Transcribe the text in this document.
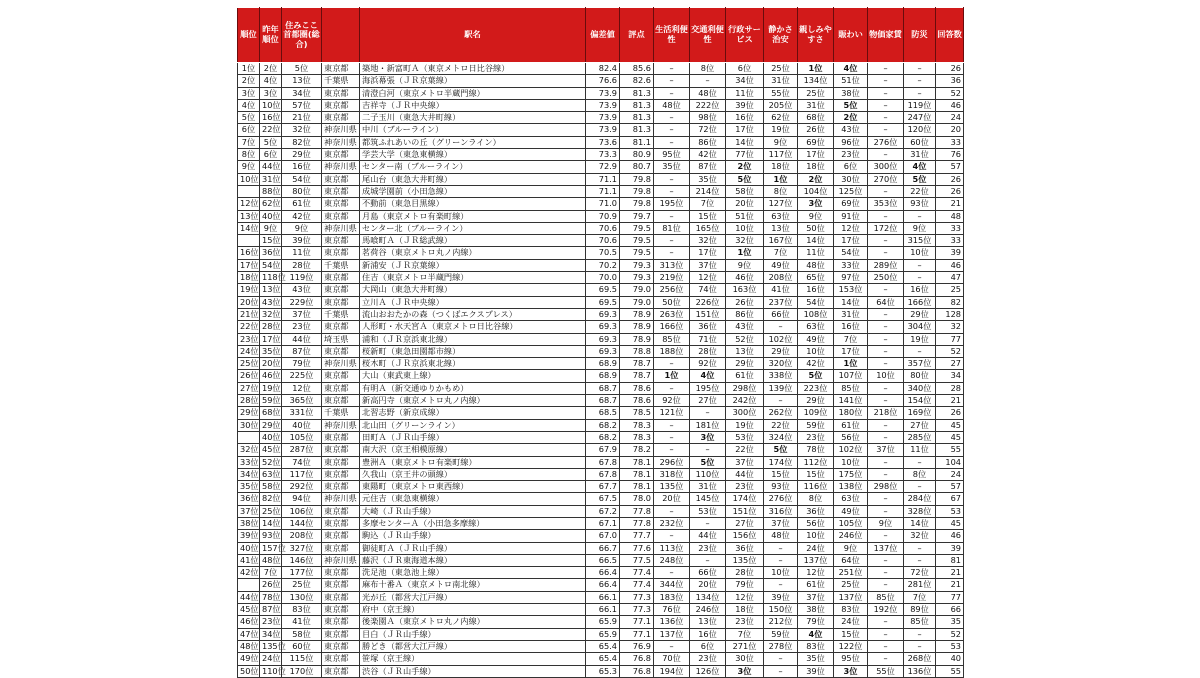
順位	昨年順位	住みここ首都圏(総合)		駅名	偏差値	評点	生活利便性	交通利便性	行政サービス	静かさ治安	親しみやすさ	賑わい	物価家賃	防災	回答数
1位	2位	5位	東京都	築地・新富町Ａ（東京メトロ日比谷線）	82.4	85.6	–	8位	6位	25位	1位	4位	–	–	26
2位	4位	13位	千葉県	海浜幕張（ＪＲ京葉線）	76.6	82.6	–	–	34位	31位	134位	51位	–	–	36
3位	3位	34位	東京都	清澄白河（東京メトロ半蔵門線）	73.9	81.3	–	48位	11位	55位	25位	38位	–	–	52
4位	10位	57位	東京都	吉祥寺（ＪＲ中央線）	73.9	81.3	48位	222位	39位	205位	31位	5位	–	119位	46
5位	16位	21位	東京都	二子玉川（東急大井町線）	73.9	81.3	–	98位	16位	62位	68位	2位	–	247位	24
6位	22位	32位	神奈川県	中川（ブルーライン）	73.9	81.3	–	72位	17位	19位	26位	43位	–	120位	20
7位	5位	82位	神奈川県	都筑ふれあいの丘（グリーンライン）	73.6	81.1	–	86位	14位	9位	69位	96位	276位	60位	33
8位	6位	29位	東京都	学芸大学（東急東横線）	73.3	80.9	95位	42位	77位	117位	17位	23位	–	31位	76
9位	44位	16位	神奈川県	センター南（ブルーライン）	72.9	80.7	35位	87位	2位	18位	18位	6位	300位	4位	57
10位	31位	54位	東京都	尾山台（東急大井町線）	71.1	79.8	–	35位	5位	1位	2位	30位	270位	5位	26
	88位	80位	東京都	成城学園前（小田急線）	71.1	79.8	–	214位	58位	8位	104位	125位	–	22位	26
12位	62位	61位	東京都	不動前（東急目黒線）	71.0	79.8	195位	7位	20位	127位	3位	69位	353位	93位	21
13位	40位	42位	東京都	月島（東京メトロ有楽町線）	70.9	79.7	–	15位	51位	63位	9位	91位	–	–	48
14位	9位	9位	神奈川県	センター北（ブルーライン）	70.6	79.5	81位	165位	10位	13位	50位	12位	172位	9位	33
	15位	39位	東京都	馬喰町Ａ（ＪＲ総武線）	70.6	79.5	–	32位	32位	167位	14位	17位	–	315位	33
16位	36位	11位	東京都	茗荷谷（東京メトロ丸ノ内線）	70.5	79.5	–	17位	1位	7位	11位	54位	–	10位	39
17位	54位	28位	千葉県	新浦安（ＪＲ京葉線）	70.2	79.3	313位	37位	9位	49位	48位	33位	289位	–	46
18位	118位	119位	東京都	住吉（東京メトロ半蔵門線）	70.0	79.3	219位	12位	46位	208位	65位	97位	250位	–	47
19位	13位	43位	東京都	大岡山（東急大井町線）	69.5	79.0	256位	74位	163位	41位	16位	153位	–	16位	25
20位	43位	229位	東京都	立川Ａ（ＪＲ中央線）	69.5	79.0	50位	226位	26位	237位	54位	14位	64位	166位	82
21位	32位	37位	千葉県	流山おおたかの森（つくばエクスプレス）	69.3	78.9	263位	151位	86位	66位	108位	31位	–	29位	128
22位	28位	23位	東京都	人形町・水天宮Ａ（東京メトロ日比谷線）	69.3	78.9	166位	36位	43位	–	63位	16位	–	304位	32
23位	17位	44位	埼玉県	浦和（ＪＲ京浜東北線）	69.3	78.9	85位	71位	52位	102位	49位	7位	–	19位	77
24位	35位	87位	東京都	桜新町（東急田園都市線）	69.3	78.8	188位	28位	13位	29位	10位	17位	–	–	52
25位	20位	79位	神奈川県	桜木町（ＪＲ京浜東北線）	68.9	78.7	–	92位	29位	320位	42位	1位	–	357位	27
26位	46位	225位	東京都	大山（東武東上線）	68.9	78.7	1位	4位	61位	338位	5位	107位	10位	80位	34
27位	19位	12位	東京都	有明Ａ（新交通ゆりかもめ）	68.7	78.6	–	195位	298位	139位	223位	85位	–	340位	28
28位	59位	365位	東京都	新高円寺（東京メトロ丸ノ内線）	68.7	78.6	92位	27位	242位	–	29位	141位	–	154位	21
29位	68位	331位	千葉県	北習志野（新京成線）	68.5	78.5	121位	–	300位	262位	109位	180位	218位	169位	26
30位	29位	40位	神奈川県	北山田（グリーンライン）	68.2	78.3	–	181位	19位	22位	59位	61位	–	27位	45
	40位	105位	東京都	田町Ａ（ＪＲ山手線）	68.2	78.3	–	3位	53位	324位	23位	56位	–	285位	45
32位	45位	287位	東京都	南大沢（京王相模原線）	67.9	78.2	–	–	22位	5位	78位	102位	37位	11位	55
33位	52位	74位	東京都	豊洲Ａ（東京メトロ有楽町線）	67.8	78.1	296位	5位	37位	174位	112位	10位	–	–	104
34位	63位	117位	東京都	久我山（京王井の頭線）	67.8	78.1	318位	110位	44位	15位	15位	175位	–	8位	24
35位	58位	292位	東京都	東陽町（東京メトロ東西線）	67.7	78.1	135位	31位	23位	93位	116位	138位	298位	–	57
36位	82位	94位	神奈川県	元住吉（東急東横線）	67.5	78.0	20位	145位	174位	276位	8位	63位	–	284位	67
37位	25位	106位	東京都	大崎（ＪＲ山手線）	67.2	77.8	–	53位	151位	316位	36位	49位	–	328位	53
38位	14位	144位	東京都	多摩センターＡ（小田急多摩線）	67.1	77.8	232位	–	27位	37位	56位	105位	9位	14位	45
39位	93位	208位	東京都	駒込（ＪＲ山手線）	67.0	77.7	–	44位	156位	48位	10位	246位	–	32位	46
40位	157位	327位	東京都	御徒町Ａ（ＪＲ山手線）	66.7	77.6	113位	23位	36位	–	24位	9位	137位	–	39
41位	48位	146位	神奈川県	藤沢（ＪＲ東海道本線）	66.5	77.5	248位	–	135位	–	137位	64位	–	–	81
42位	7位	177位	東京都	洗足池（東急池上線）	66.4	77.4	–	66位	28位	10位	12位	251位	–	72位	21
	26位	25位	東京都	麻布十番Ａ（東京メトロ南北線）	66.4	77.4	344位	20位	79位	–	61位	25位	–	281位	21
44位	78位	130位	東京都	光が丘（都営大江戸線）	66.1	77.3	183位	134位	12位	39位	37位	137位	85位	7位	77
45位	87位	83位	東京都	府中（京王線）	66.1	77.3	76位	246位	18位	150位	38位	83位	192位	89位	66
46位	23位	41位	東京都	後楽園Ａ（東京メトロ丸ノ内線）	65.9	77.1	136位	13位	23位	212位	79位	24位	–	85位	35
47位	34位	58位	東京都	目白（ＪＲ山手線）	65.9	77.1	137位	16位	7位	59位	4位	15位	–	–	52
48位	135位	60位	東京都	勝どき（都営大江戸線）	65.4	76.9	–	6位	271位	278位	83位	122位	–	–	53
49位	24位	115位	東京都	笹塚（京王線）	65.4	76.8	70位	23位	30位	–	35位	95位	–	268位	40
50位	110位	170位	東京都	渋谷（ＪＲ山手線）	65.3	76.8	194位	126位	3位	–	39位	3位	55位	136位	55
